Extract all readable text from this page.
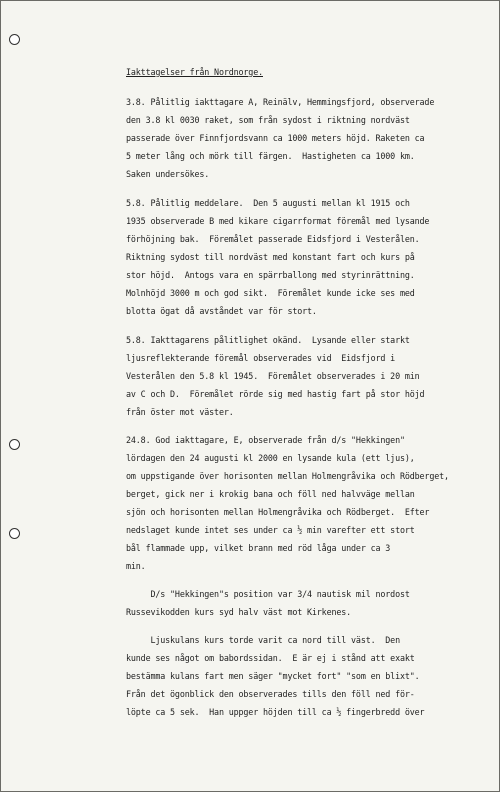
Iakttagelser från Nordnorge.
3.8. Pålitlig iakttagare A, Reinälv, Hemmingsfjord, observerade
den 3.8 kl 0030 raket, som från sydost i riktning nordväst
passerade över Finnfjordsvann ca 1000 meters höjd. Raketen ca
5 meter lång och mörk till färgen.  Hastigheten ca 1000 km.
Saken undersökes.
5.8. Pålitlig meddelare.  Den 5 augusti mellan kl 1915 och
1935 observerade B med kikare cigarrformat föremål med lysande
förhöjning bak.  Föremålet passerade Eidsfjord i Vesterålen.
Riktning sydost till nordväst med konstant fart och kurs på
stor höjd.  Antogs vara en spärrballong med styrinrättning.
Molnhöjd 3000 m och god sikt.  Föremålet kunde icke ses med
blotta ögat då avståndet var för stort.
5.8. Iakttagarens pålitlighet okänd.  Lysande eller starkt
ljusreflekterande föremål observerades vid  Eidsfjord i
Vesterålen den 5.8 kl 1945.  Föremålet observerades i 20 min
av C och D.  Föremålet rörde sig med hastig fart på stor höjd
från öster mot väster.
24.8. God iakttagare, E, observerade från d/s "Hekkingen"
lördagen den 24 augusti kl 2000 en lysande kula (ett ljus),
om uppstigande över horisonten mellan Holmengråvika och Rödberget,
berget, gick ner i krokig bana och föll ned halvväge mellan
sjön och horisonten mellan Holmengråvika och Rödberget.  Efter
nedslaget kunde intet ses under ca ½ min varefter ett stort
bål flammade upp, vilket brann med röd låga under ca 3
min.
D/s "Hekkingen"s position var 3/4 nautisk mil nordost
Russevikodden kurs syd halv väst mot Kirkenes.
Ljuskulans kurs torde varit ca nord till väst.  Den
kunde ses något om babordssidan.  E är ej i stånd att exakt
bestämma kulans fart men säger "mycket fort" "som en blixt".
Från det ögonblick den observerades tills den föll ned för-
löpte ca 5 sek.  Han uppger höjden till ca ½ fingerbredd över
